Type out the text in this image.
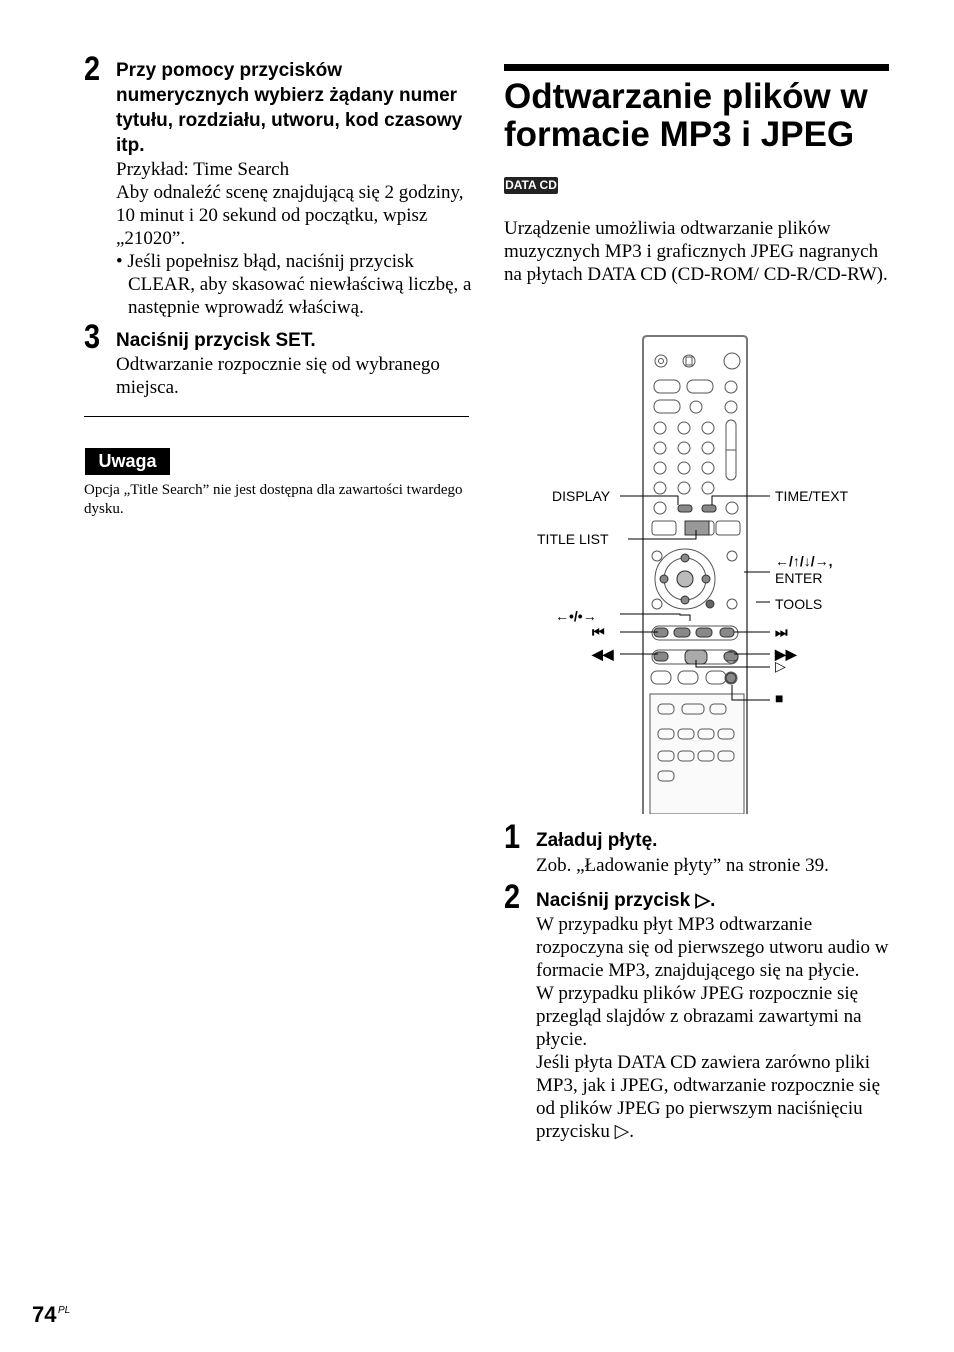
2 Przy pomocy przycisków numerycznych wybierz żądany numer tytułu, rozdziału, utworu, kod czasowy itp.

Przykład: Time Search

Aby odnaleźć scenę znajdującą się 2 godziny, 10 minut i 20 sekund od początku, wpisz „21020”.

• Jeśli popełnisz błąd, naciśnij przycisk CLEAR, aby skasować niewłaściwą liczbę, a następnie wprowadź właściwą.

3 Naciśnij przycisk SET.

Odtwarzanie rozpocznie się od wybranego miejsca.

Uwaga
Opcja „Title Search” nie jest dostępna dla zawartości twardego dysku.
Odtwarzanie plików w formacie MP3 i JPEG
DATA CD
Urządzenie umożliwia odtwarzanie plików muzycznych MP3 i graficznych JPEG nagranych na płytach DATA CD (CD-ROM/ CD-R/CD-RW).
DISPLAY	TIME/TEXT
TITLE LIST
←/↑/↓/→,
ENTER
TOOLS
←•/•→
⏮	⏭
◀◀	▶▶
▷
■
1 Załaduj płytę.
Zob. „Ładowanie płyty” na stronie 39.
2 Naciśnij przycisk ▷.

W przypadku płyt MP3 odtwarzanie rozpoczyna się od pierwszego utworu audio w formacie MP3, znajdującego się na płycie.

W przypadku plików JPEG rozpocznie się przegląd slajdów z obrazami zawartymi na płycie.

Jeśli płyta DATA CD zawiera zarówno pliki MP3, jak i JPEG, odtwarzanie rozpocznie się od plików JPEG po pierwszym naciśnięciu przycisku ▷.

74 PL
